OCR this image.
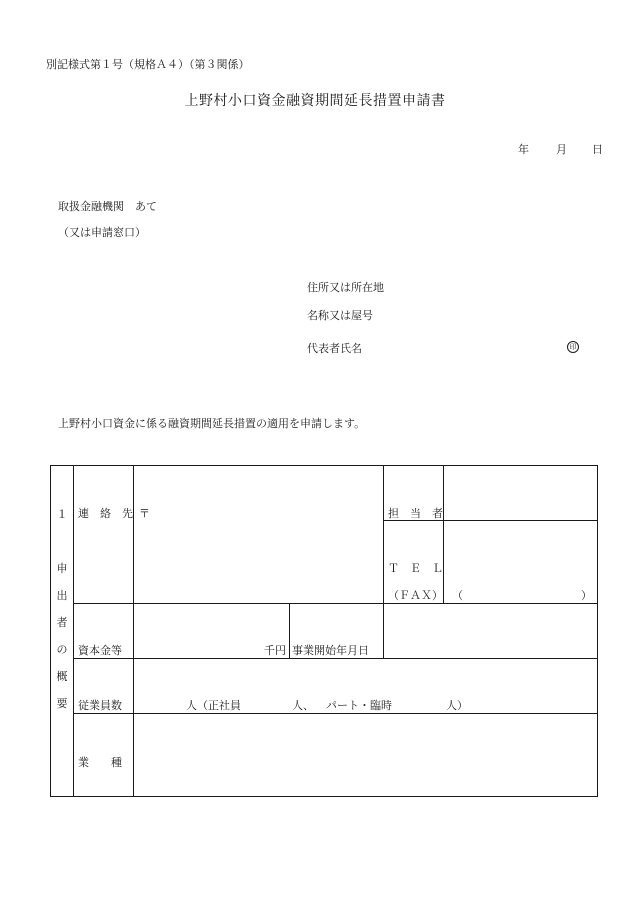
別記様式第１号（規格Ａ４）（第３関係）
上野村小口資金融資期間延長措置申請書
年 月 日
取扱金融機関　あて
（又は申請窓口）
住所又は所在地
名称又は屋号
代表者氏名	印
上野村小口資金に係る融資期間延長措置の適用を申請します。
１
申
出
者
の
概
要
連　絡　先 〒	担　当　者
Ｔ　Ｅ　Ｌ
（ＦＡＸ） （	）
資本金等	千円 事業開始年月日
従業員数	人（正社員	人、 パート・臨時	人）
業　　種
